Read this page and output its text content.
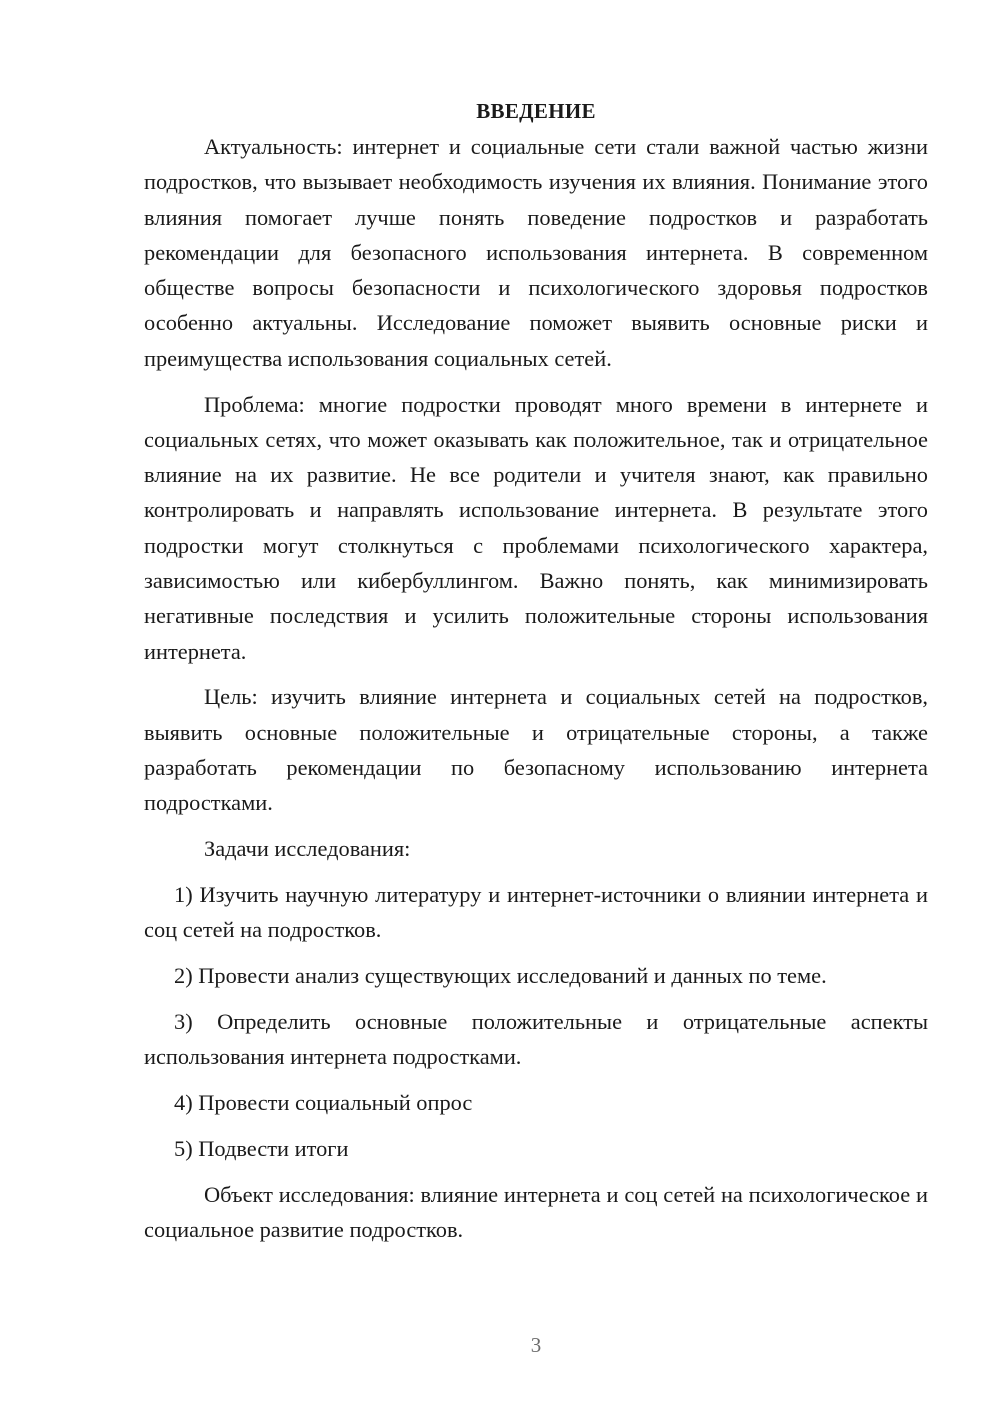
ВВЕДЕНИЕ

Актуальность: интернет и социальные сети стали важной частью жизни подростков, что вызывает необходимость изучения их влияния. Понимание этого влияния помогает лучше понять поведение подростков и разработать рекомендации для безопасного использования интернета. В современном обществе вопросы безопасности и психологического здоровья подростков особенно актуальны. Исследование поможет выявить основные риски и преимущества использования социальных сетей.

Проблема: многие подростки проводят много времени в интернете и социальных сетях, что может оказывать как положительное, так и отрицательное влияние на их развитие. Не все родители и учителя знают, как правильно контролировать и направлять использование интернета. В результате этого подростки могут столкнуться с проблемами психологического характера, зависимостью или кибербуллингом. Важно понять, как минимизировать негативные последствия и усилить положительные стороны использования интернета.

Цель: изучить влияние интернета и социальных сетей на подростков, выявить основные положительные и отрицательные стороны, а также разработать рекомендации по безопасному использованию интернета подростками.

Задачи исследования:

1) Изучить научную литературу и интернет-источники о влиянии интернета и соц сетей на подростков.

2) Провести анализ существующих исследований и данных по теме.

3) Определить основные положительные и отрицательные аспекты использования интернета подростками.

4) Провести социальный опрос

5) Подвести итоги

Объект исследования: влияние интернета и соц сетей на психологическое и социальное развитие подростков.

3
